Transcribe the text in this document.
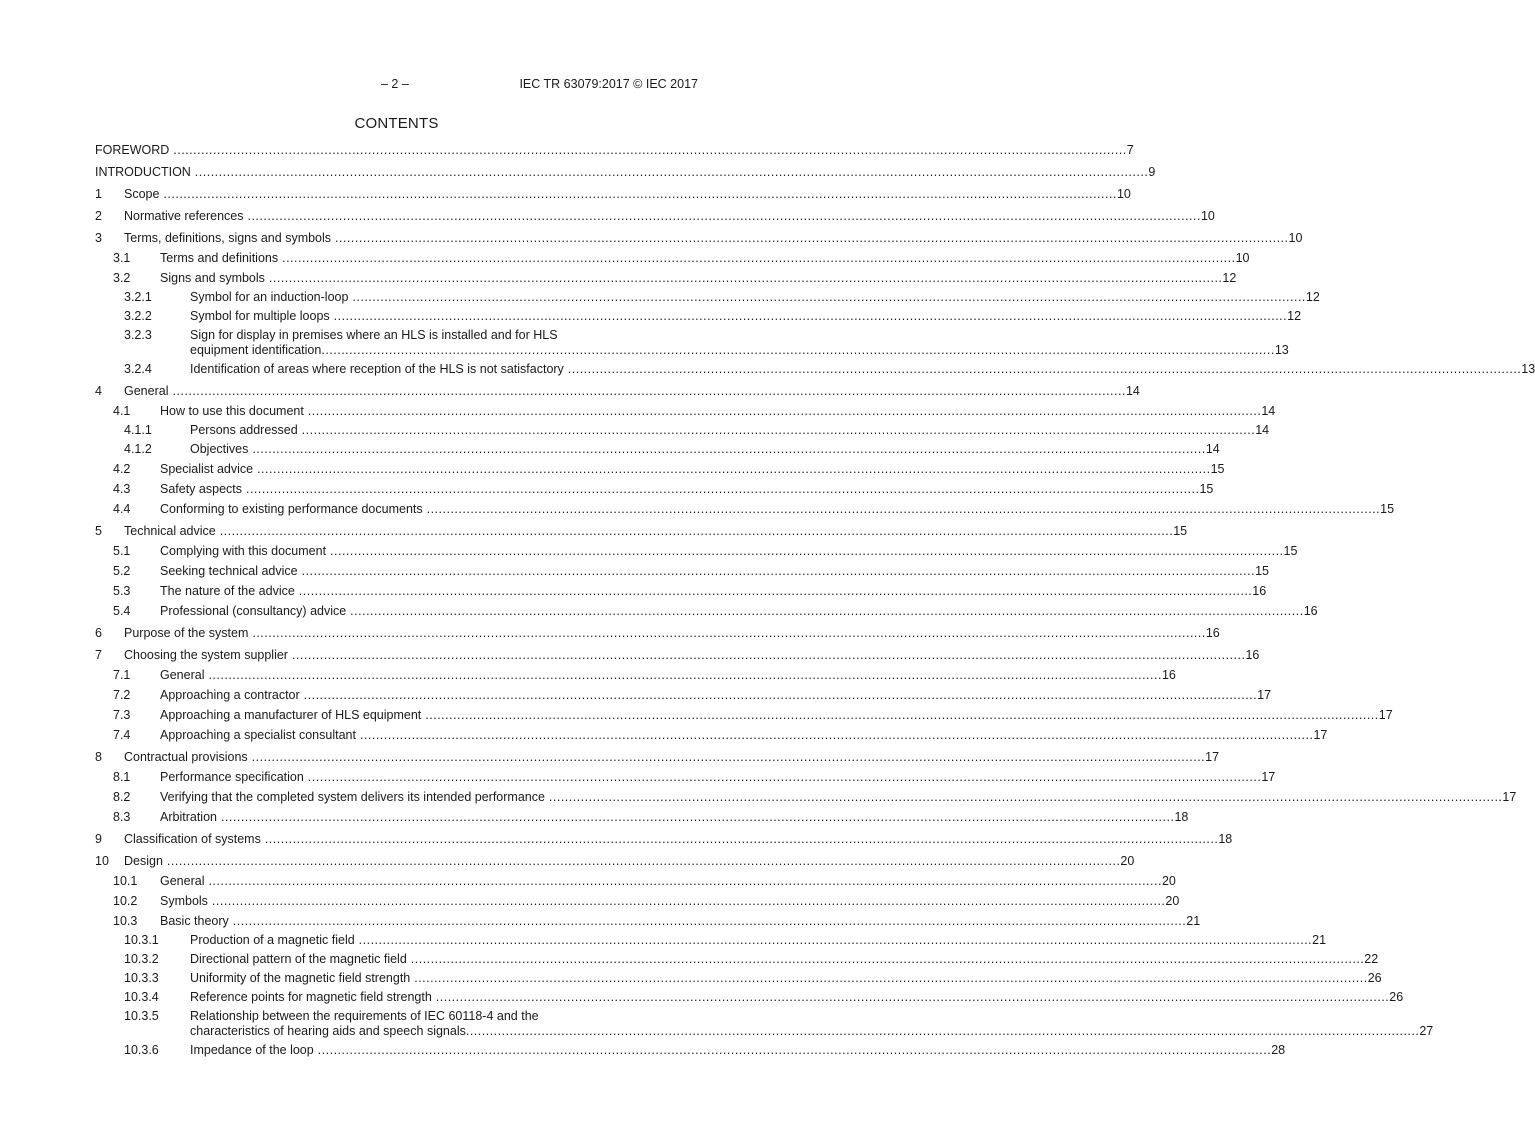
– 2 –	IEC TR 63079:2017 © IEC 2017
CONTENTS
FOREWORD .....	7
INTRODUCTION .....	9
1 Scope .....	10
2 Normative references .....	10
3 Terms, definitions, signs and symbols .....	10
3.1 Terms and definitions .....	10
3.2 Signs and symbols .....	12
3.2.1	Symbol for an induction-loop .....	12
3.2.2	Symbol for multiple loops .....	12
3.2.3	Sign for display in premises where an HLS is installed and for HLS
equipment identification .....	13
3.2.4	Identification of areas where reception of the HLS is not satisfactory .....	13
4 General .....	14
4.1 How to use this document .....	14
4.1.1	Persons addressed .....	14
4.1.2	Objectives .....	14
4.2 Specialist advice .....	15
4.3 Safety aspects .....	15
4.4 Conforming to existing performance documents .....	15
5 Technical advice .....	15
5.1 Complying with this document .....	15
5.2 Seeking technical advice .....	15
5.3 The nature of the advice .....	16
5.4 Professional (consultancy) advice .....	16
6 Purpose of the system .....	16
7 Choosing the system supplier .....	16
7.1 General .....	16
7.2 Approaching a contractor .....	17
7.3 Approaching a manufacturer of HLS equipment .....	17
7.4 Approaching a specialist consultant .....	17
8 Contractual provisions .....	17
8.1 Performance specification .....	17
8.2 Verifying that the completed system delivers its intended performance .....	17
8.3 Arbitration .....	18
9 Classification of systems .....	18
10 Design .....	20
10.1 General .....	20
10.2 Symbols .....	20
10.3 Basic theory .....	21
10.3.1 Production of a magnetic field .....	21
10.3.2 Directional pattern of the magnetic field .....	22
10.3.3 Uniformity of the magnetic field strength .....	26
10.3.4 Reference points for magnetic field strength .....	26
10.3.5 Relationship between the requirements of IEC 60118-4 and the
characteristics of hearing aids and speech signals .....	27
10.3.6 Impedance of the loop .....	28
